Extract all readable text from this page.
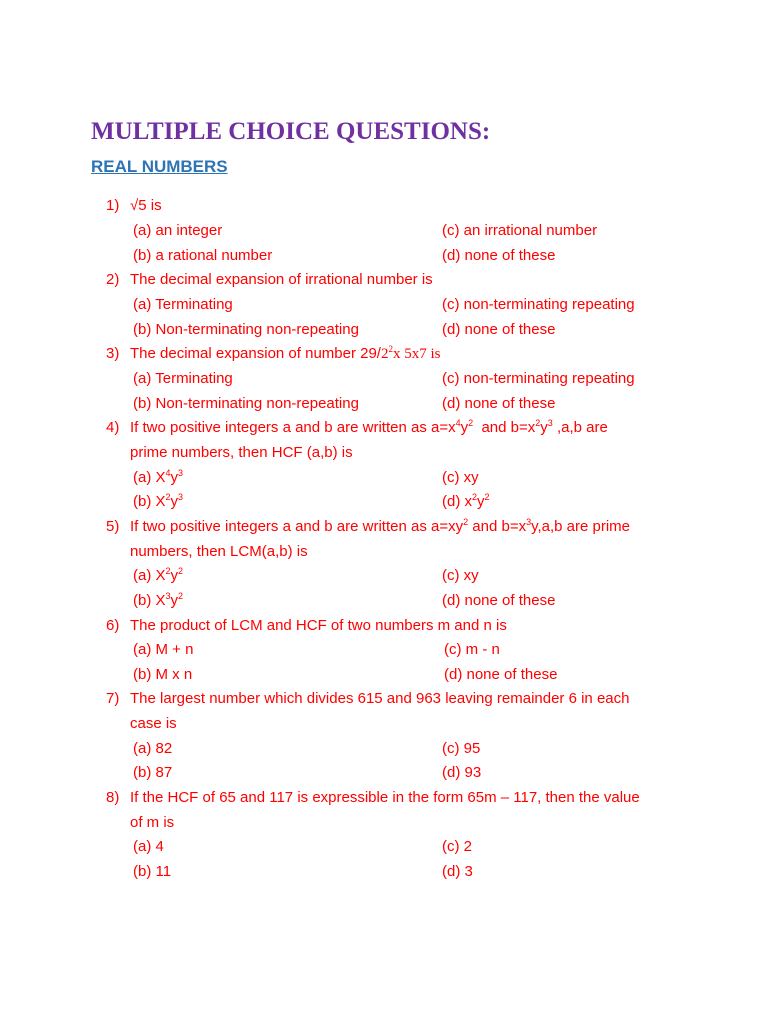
MULTIPLE CHOICE QUESTIONS:
REAL NUMBERS
1) √5 is
(a) an integer	(c) an irrational number
(b) a rational number	(d) none of these
2) The decimal expansion of irrational number is
(a) Terminating	(c) non-terminating repeating
(b) Non-terminating non-repeating	(d) none of these
3) The decimal expansion of number $29/2^2x$ 5x7 is
(a) Terminating	(c) non-terminating repeating
(b) Non-terminating non-repeating	(d) none of these
4) If two positive integers a and b are written as $a=x^4y^2$  and $b=x^2y^3$ ,a,b are
prime numbers, then HCF (a,b) is
(a) $X^4y^3$	(c) xy
(b) $X^2y^3$	(d) $x^2y^2$
5) If two positive integers a and b are written as $a=xy^2$ and $b=x^3y,a,b$ are prime
numbers, then LCM(a,b) is
(a) $X^2y^2$	(c) xy
(b) $X^3y^2$	(d) none of these
6) The product of LCM and HCF of two numbers m and n is
(a) M + n	(c) m - n
(b) M x n	(d) none of these
7) The largest number which divides 615 and 963 leaving remainder 6 in each
case is
(a) 82	(c) 95
(b) 87	(d) 93
8) If the HCF of 65 and 117 is expressible in the form 65m – 117, then the value
of m is
(a) 4	(c) 2
(b) 11	(d) 3
